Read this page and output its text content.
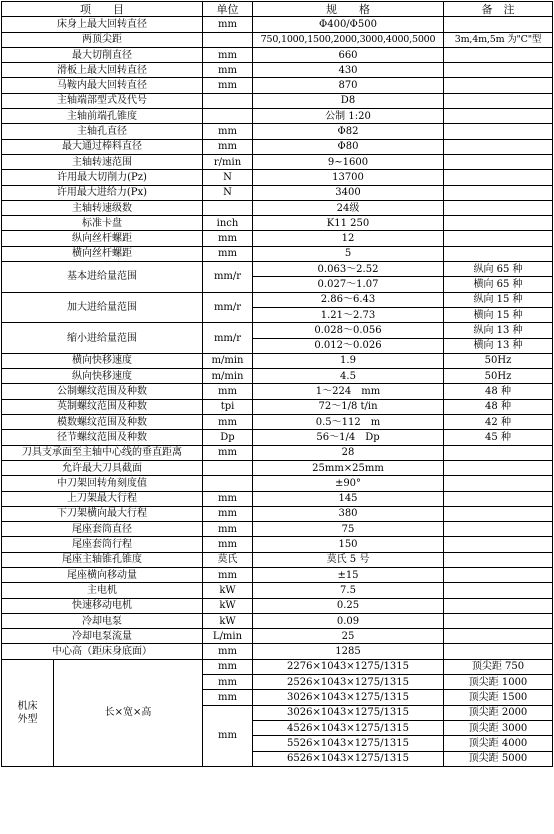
项　　目		单位	规　　格	备　注
床身上最大回转直径		mm	Φ400/Φ500	
两顶尖距			750,1000,1500,2000,3000,4000,5000	3m,4m,5m 为"C"型
最大切削直径		mm	660	
滑板上最大回转直径		mm	430	
马鞍内最大回转直径		mm	870	
主轴端部型式及代号			D8	
主轴前端孔锥度			公制 1:20	
主轴孔直径		mm	Φ82	
最大通过棒料直径		mm	Φ80	
主轴转速范围		r/min	9~1600	
许用最大切削力(Pz)		N	13700	
许用最大进给力(Px)		N	3400	
主轴转速级数			24级	
标准卡盘		inch	K11 250	
纵向丝杆螺距		mm	12	
横向丝杆螺距		mm	5	
基本进给量范围		mm/r	0.063～2.52	纵向 65 种
			0.027～1.07	横向 65 种
加大进给量范围		mm/r	2.86～6.43	纵向 15 种
			1.21～2.73	横向 15 种
缩小进给量范围		mm/r	0.028～0.056	纵向 13 种
			0.012～0.026	横向 13 种
横向快移速度		m/min	1.9	50Hz
纵向快移速度		m/min	4.5	50Hz
公制螺纹范围及种数		mm	1～224　mm	48 种
英制螺纹范围及种数		tpi	72～1/8 t/in	48 种
模数螺纹范围及种数		mm	0.5～112　m	42 种
径节螺纹范围及种数		Dp	56～1/4　Dp	45 种
刀具支承面至主轴中心线的垂直距离		mm	28	
允许最大刀具截面			25mm×25mm	
中刀架回转角刻度值			±90°	
上刀架最大行程		mm	145	
下刀架横向最大行程		mm	380	
尾座套筒直径		mm	75	
尾座套筒行程		mm	150	
尾座主轴锥孔锥度		莫氏	莫氏 5 号	
尾座横向移动量		mm	±15	
主电机		kW	7.5	
快速移动电机		kW	0.25	
冷却电泵		kW	0.09	
冷却电泵流量		L/min	25	
中心高（距床身底面）		mm	1285	
机床外型	长×宽×高	mm	2276×1043×1275/1315	顶尖距 750
		mm	2526×1043×1275/1315	顶尖距 1000
		mm	3026×1043×1275/1315	顶尖距 1500
		mm	3026×1043×1275/1315	顶尖距 2000
			4526×1043×1275/1315	顶尖距 3000
			5526×1043×1275/1315	顶尖距 4000
			6526×1043×1275/1315	顶尖距 5000
